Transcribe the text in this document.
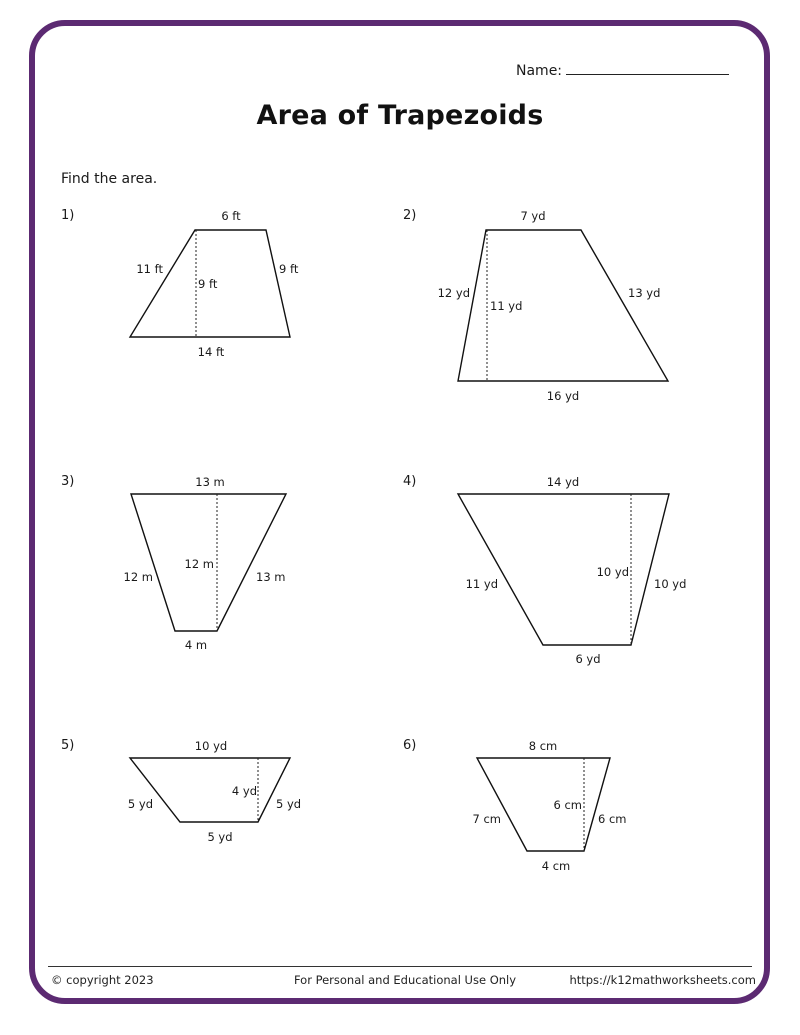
Name:
Area of Trapezoids
Find the area.
1)	2)
3)	4)
5)	6)
6 ft
14 ft
11 ft	9 ft
9 ft
7 yd
16 yd
12 yd	13 yd
11 yd
13 m
4 m
12 m	13 m
12 m
14 yd
6 yd
11 yd	10 yd
10 yd
10 yd
5 yd
5 yd	5 yd
4 yd
8 cm
4 cm
7 cm	6 cm
6 cm
© copyright 2023	For Personal and Educational Use Only	https://k12mathworksheets.com
